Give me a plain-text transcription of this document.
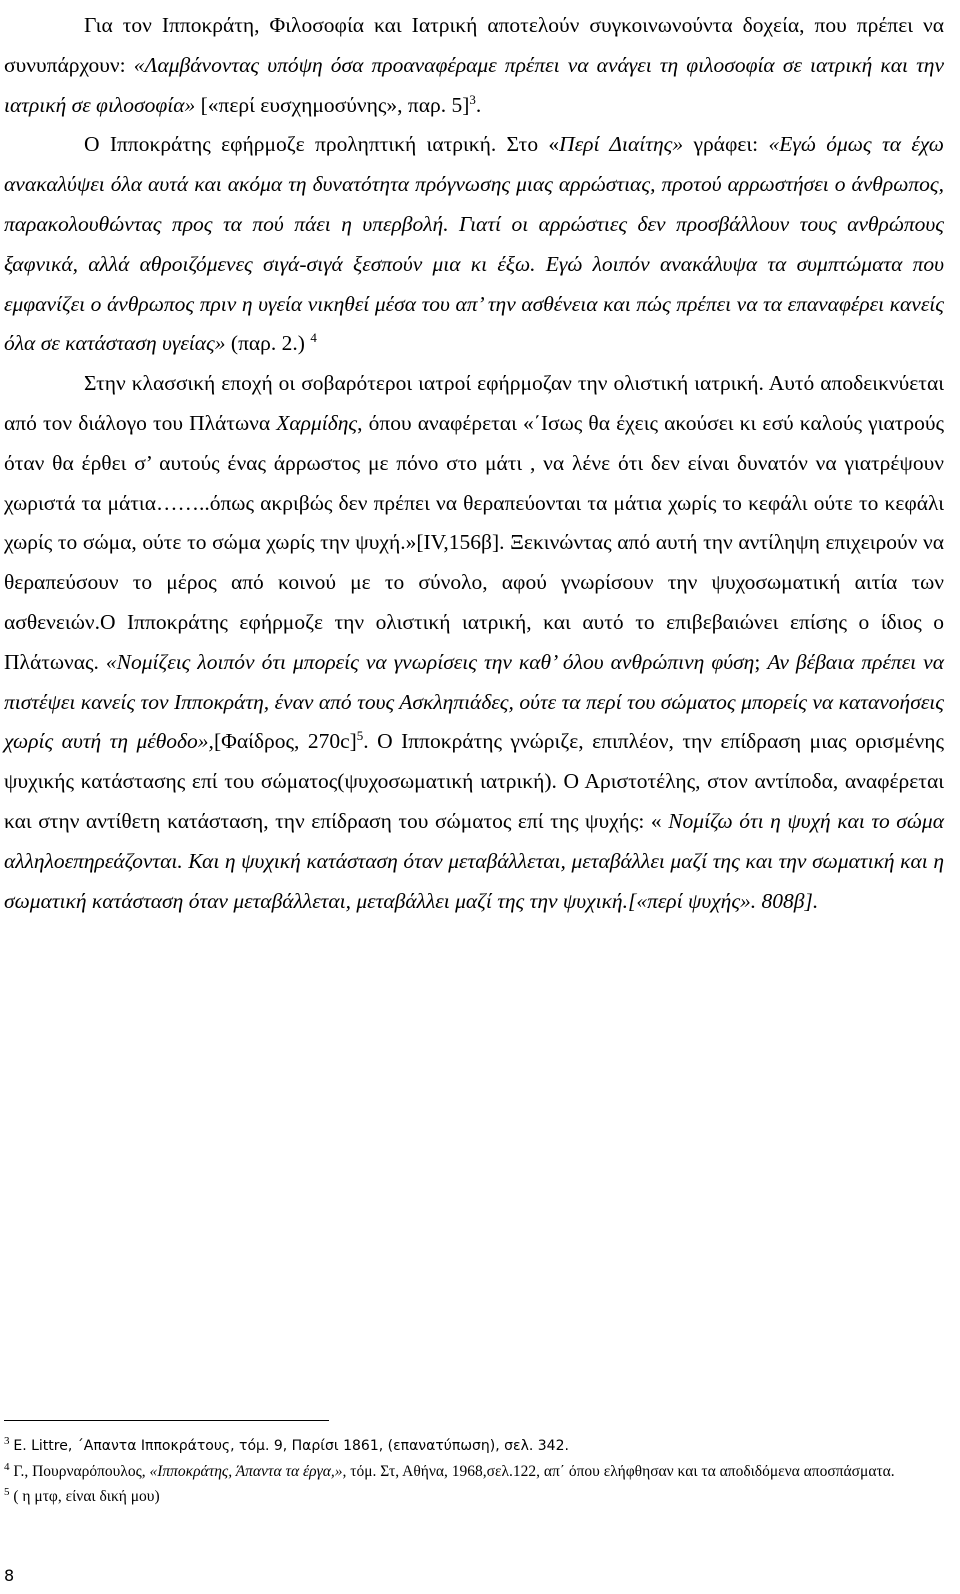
Για τον Ιπποκράτη, Φιλοσοφία και Ιατρική αποτελούν συγκοινωνούντα δοχεία, που πρέπει να συνυπάρχουν: «Λαμβάνοντας υπόψη όσα προαναφέραμε πρέπει να ανάγει τη φιλοσοφία σε ιατρική και την ιατρική σε φιλοσοφία» [«περί ευσχημοσύνης», παρ. 5]$^3$.

Ο Ιπποκράτης εφήρμοζε προληπτική ιατρική. Στο «Περί Διαίτης» γράφει: «Εγώ όμως τα έχω ανακαλύψει όλα αυτά και ακόμα τη δυνατότητα πρόγνωσης μιας αρρώστιας, προτού αρρωστήσει ο άνθρωπος, παρακολουθώντας προς τα πού πάει η υπερβολή. Γιατί οι αρρώστιες δεν προσβάλλουν τους ανθρώπους ξαφνικά, αλλά αθροιζόμενες σιγά-σιγά ξεσπούν μια κι έξω. Εγώ λοιπόν ανακάλυψα τα συμπτώματα που εμφανίζει ο άνθρωπος πριν η υγεία νικηθεί μέσα του απ’ την ασθένεια και πώς πρέπει να τα επαναφέρει κανείς όλα σε κατάσταση υγείας» (παρ. 2.) $^4$

Στην κλασσική εποχή οι σοβαρότεροι ιατροί εφήρμοζαν την ολιστική ιατρική. Αυτό αποδεικνύεται από τον διάλογο του Πλάτωνα Χαρμίδης, όπου αναφέρεται «΄Ισως θα έχεις ακούσει κι εσύ καλούς γιατρούς όταν θα έρθει σ’ αυτούς ένας άρρωστος με πόνο στο μάτι , να λένε ότι δεν είναι δυνατόν να γιατρέψουν χωριστά τα μάτια……..όπως ακριβώς δεν πρέπει να θεραπεύονται τα μάτια χωρίς το κεφάλι ούτε το κεφάλι χωρίς το σώμα, ούτε το σώμα χωρίς την ψυχή.»[IV,156β]. Ξεκινώντας από αυτή την αντίληψη επιχειρούν να θεραπεύσουν το μέρος από κοινού με το σύνολο, αφού γνωρίσουν την ψυχοσωματική αιτία των ασθενειών.Ο Ιπποκράτης εφήρμοζε την ολιστική ιατρική, και αυτό το επιβεβαιώνει επίσης ο ίδιος ο Πλάτωνας. «Νομίζεις λοιπόν ότι μπορείς να γνωρίσεις την καθ’ όλου ανθρώπινη φύση; Αν βέβαια πρέπει να πιστέψει κανείς τον Ιπποκράτη, έναν από τους Ασκληπιάδες, ούτε τα περί του σώματος μπορείς να κατανοήσεις χωρίς αυτή τη μέθοδο»,[Φαίδρος, 270c]$^5$. Ο Ιπποκράτης γνώριζε, επιπλέον, την επίδραση μιας ορισμένης ψυχικής κατάστασης επί του σώματος(ψυχοσωματική ιατρική). Ο Αριστοτέλης, στον αντίποδα, αναφέρεται και στην αντίθετη κατάσταση, την επίδραση του σώματος επί της ψυχής: « Νομίζω ότι η ψυχή και το σώμα αλληλοεπηρεάζονται. Και η ψυχική κατάσταση όταν μεταβάλλεται, μεταβάλλει μαζί της και την σωματική και η σωματική κατάσταση όταν μεταβάλλεται, μεταβάλλει μαζί της την ψυχική.[«περί ψυχής». 808β].

$^3$ Ε. Littre, ΄Απαντα Ιπποκράτους, τόμ. 9, Παρίσι 1861, (επανατύπωση), σελ. 342.

$^4$ Γ., Πουρναρόπουλος, «Ιπποκράτης, Άπαντα τα έργα,», τόμ. Στ, Αθήνα, 1968,σελ.122, απ΄ όπου ελήφθησαν και τα αποδιδόμενα αποσπάσματα.

$^5$ ( η μτφ, είναι δική μου)

8
